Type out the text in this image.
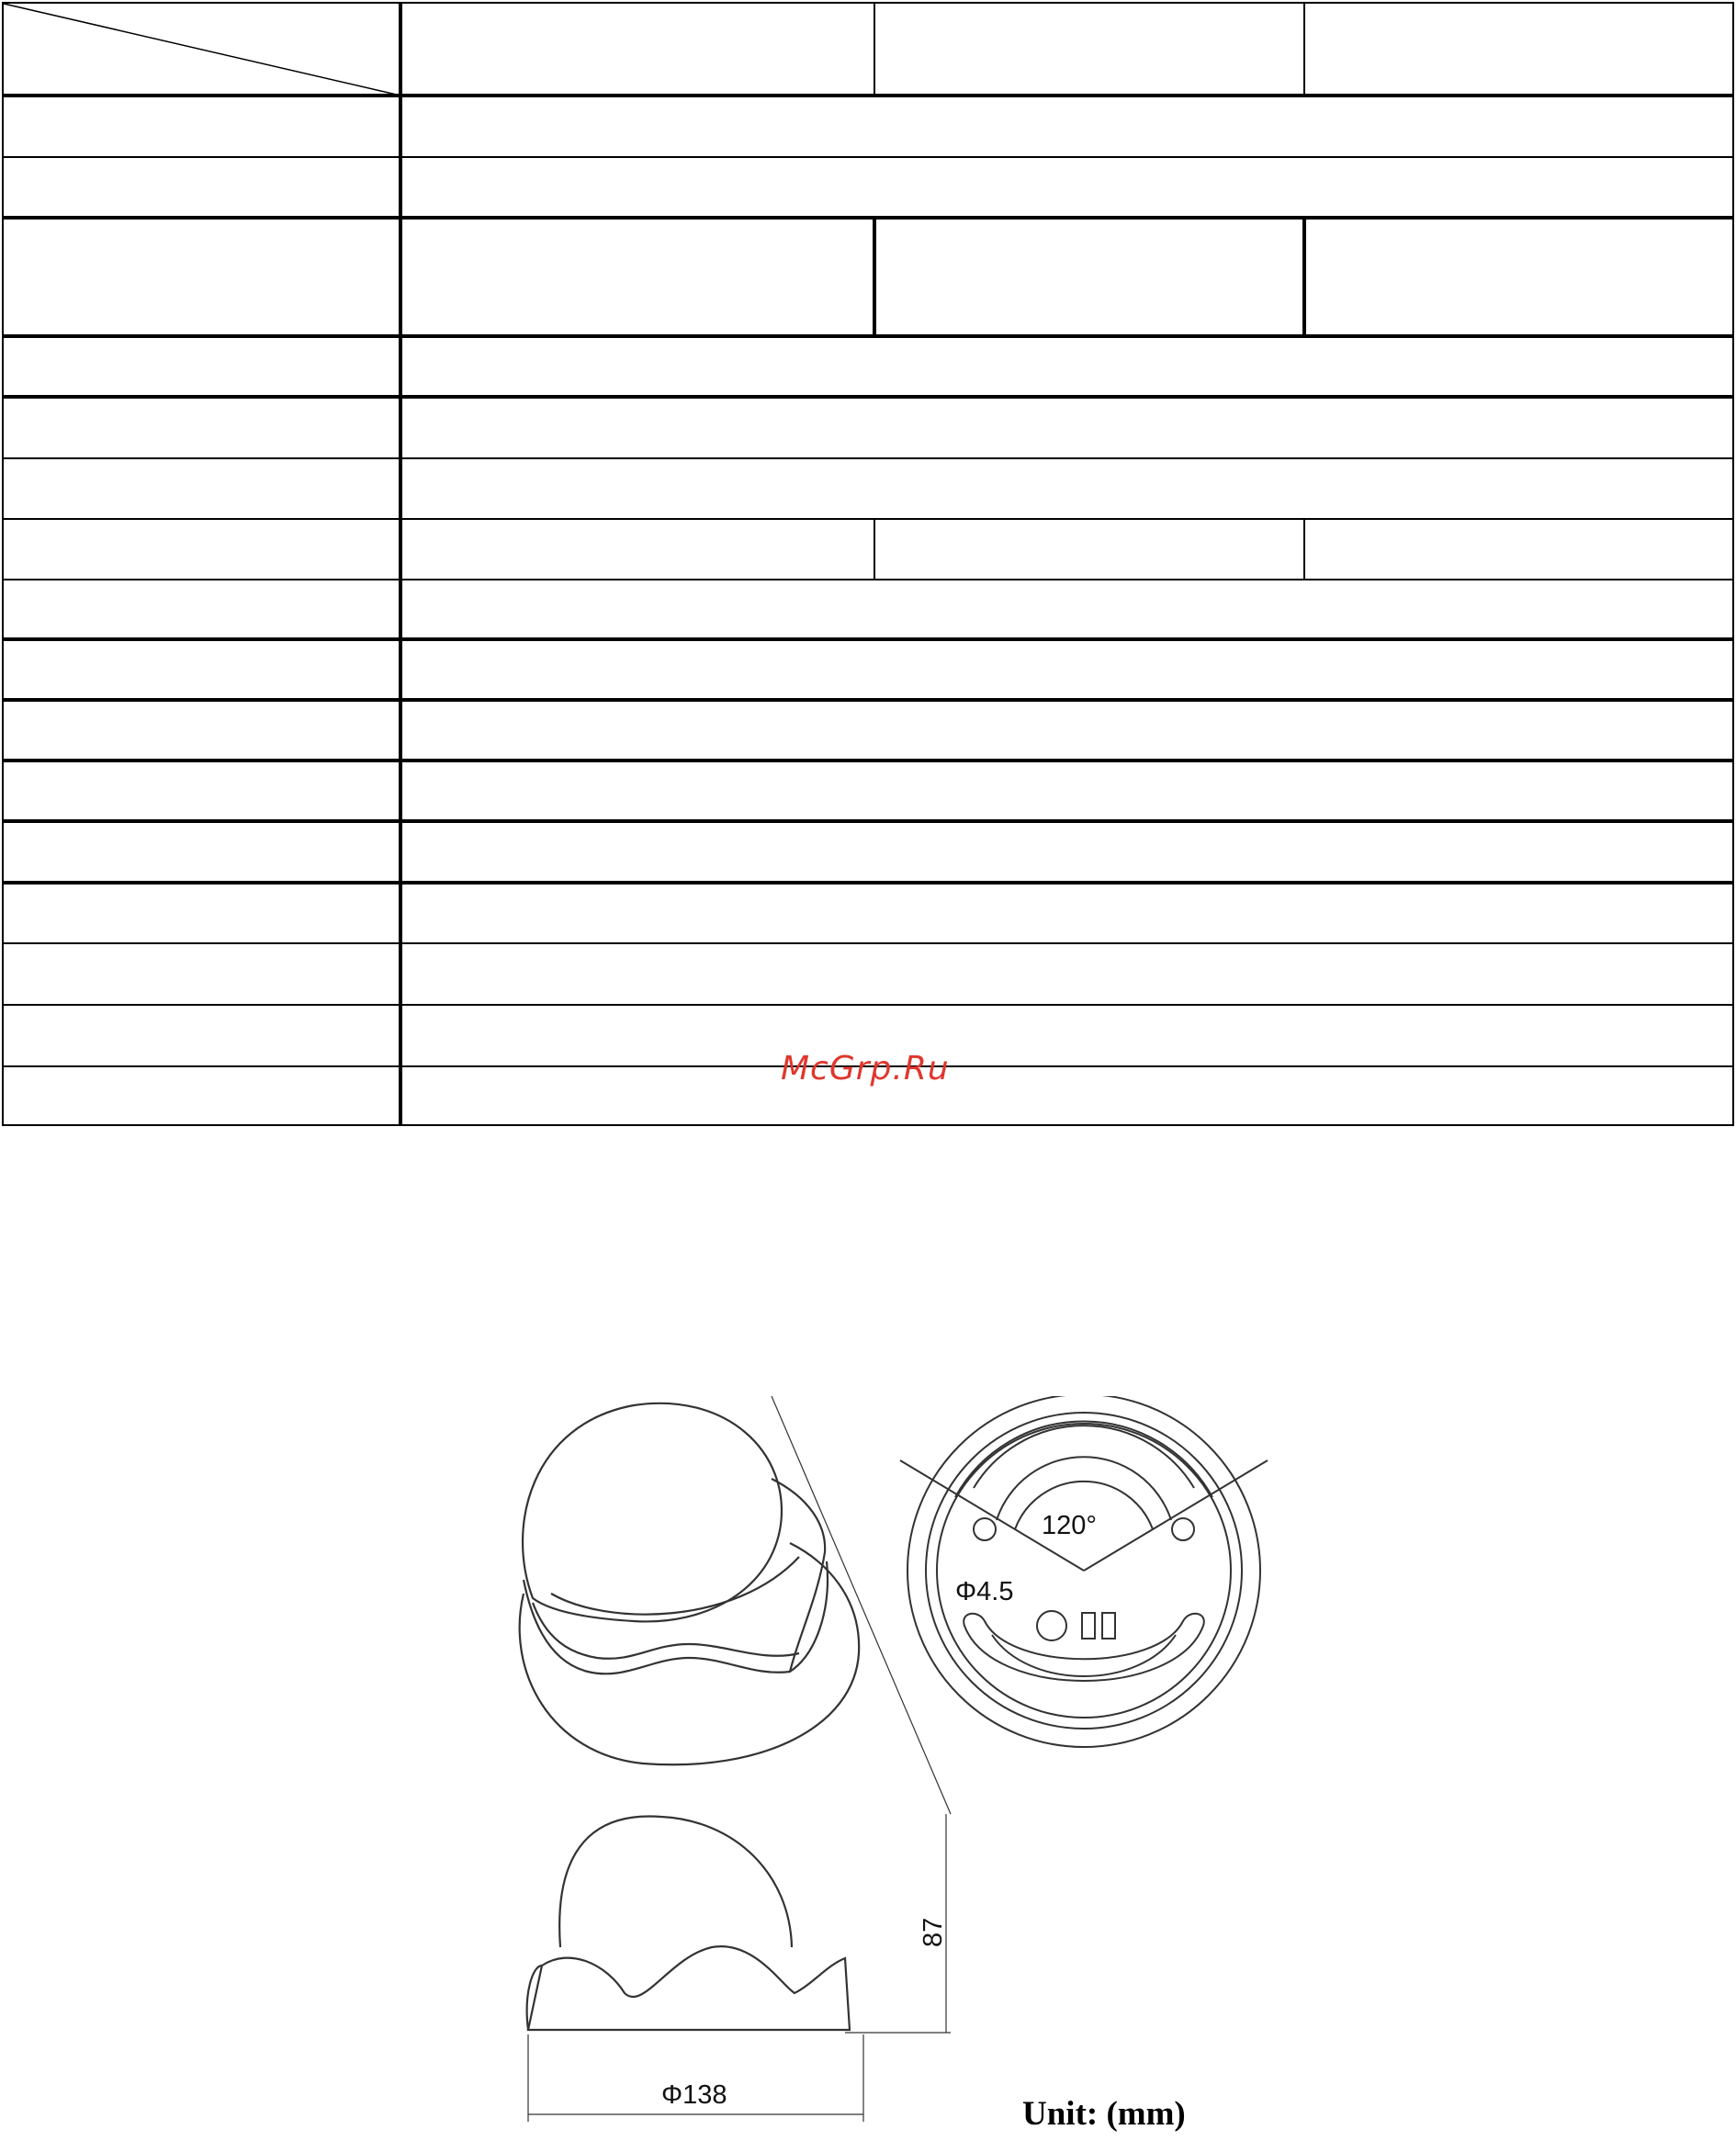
McGrp.Ru
120°
Φ4.5
87
Φ138	Unit: (mm)
